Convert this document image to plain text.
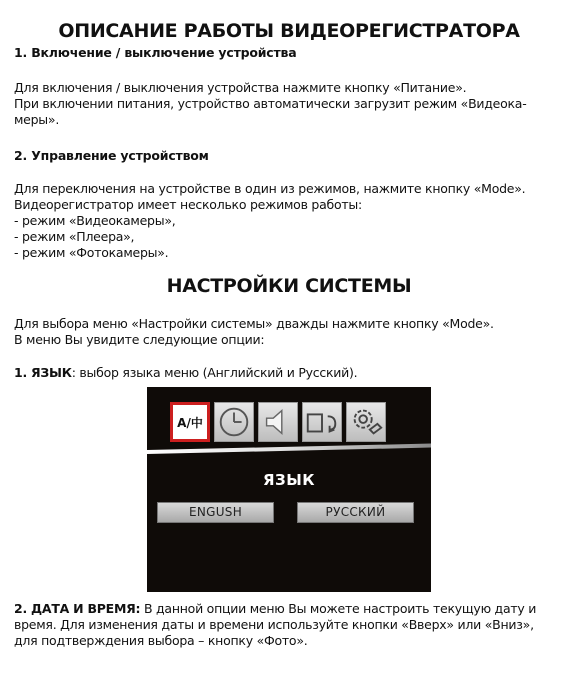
ОПИСАНИЕ РАБОТЫ ВИДЕОРЕГИСТРАТОРА
1. Включение / выключение устройства
Для включения / выключения устройства нажмите кнопку «Питание».
При включении питания, устройство автоматически загрузит режим «Видеока-
меры».
2. Управление устройством
Для переключения на устройстве в один из режимов, нажмите кнопку «Mode».
Видеорегистратор имеет несколько режимов работы:
- режим «Видеокамеры»,
- режим «Плеера»,
- режим «Фотокамеры».
НАСТРОЙКИ СИСТЕМЫ
Для выбора меню «Настройки системы» дважды нажмите кнопку «Mode».
В меню Вы увидите следующие опции:
1. ЯЗЫК: выбор языка меню (Английский и Русский).
A/中
ЯЗЫК
ENGUSH	РУССКИЙ
2. ДАТА И ВРЕМЯ: В данной опции меню Вы можете настроить текущую дату и
время. Для изменения даты и времени используйте кнопки «Вверх» или «Вниз»,
для подтверждения выбора – кнопку «Фото».
